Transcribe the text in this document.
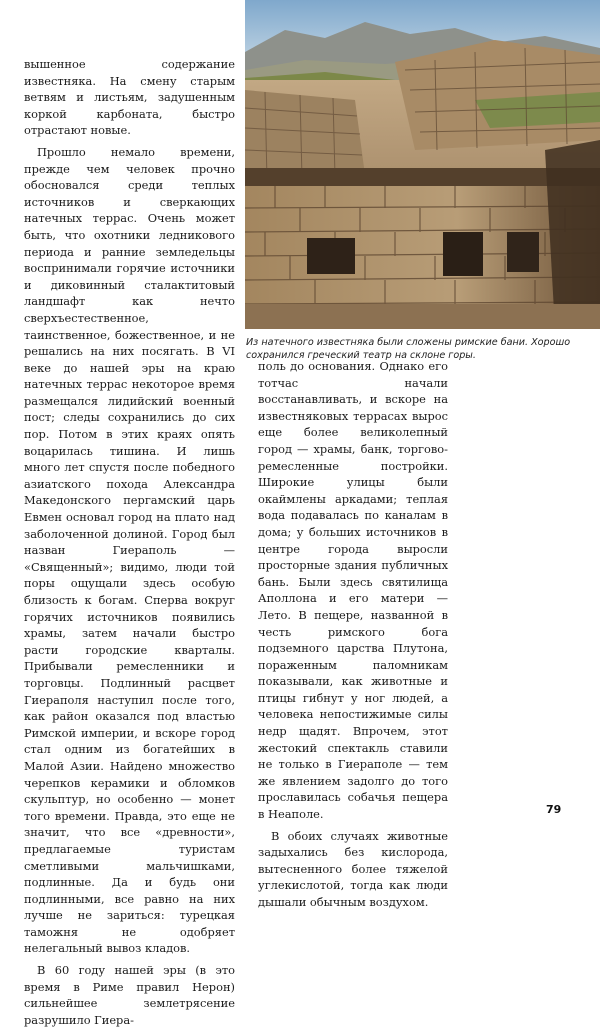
вышенное содержание известняка. На смену старым ветвям и листьям, задушенным коркой карбоната, быстро отрастают новые.

Прошло немало времени, прежде чем человек прочно обосновался среди теплых источников и сверкающих натечных террас. Очень может быть, что охотники ледникового периода и ранние земледельцы воспринимали горячие источники и диковинный сталактитовый ландшафт как нечто сверхъестественное, таинственное, божественное, и не решались на них посягать. В VI веке до нашей эры на краю натечных террас некоторое время размещался лидийский военный пост; следы сохранились до сих пор. Потом в этих краях опять воцарилась тишина. И лишь много лет спустя после победного азиатского похода Александра Македонского пергамский царь Евмен основал город на плато над заболоченной долиной. Город был назван Гиераполь — «Священный»; видимо, люди той поры ощущали здесь особую близость к богам. Сперва вокруг горячих источников появились храмы, затем начали быстро расти городские кварталы. Прибывали ремесленники и торговцы. Подлинный расцвет Гиераполя наступил после того, как район оказался под властью Римской империи, и вскоре город стал одним из богатейших в Малой Азии. Найдено множество черепков керамики и обломков скульптур, но особенно — монет того времени. Правда, это еще не значит, что все «древности», предлагаемые туристам сметливыми мальчишками, подлинные. Да и будь они подлинными, все равно на них лучше не зариться: турецкая таможня не одобряет нелегальный вывоз кладов.

В 60 году нашей эры (в это время в Риме правил Нерон) сильнейшее землетрясение разрушило Гиера-

Из натечного известняка были сложены римские бани. Хорошо сохранился греческий театр на склоне горы.

поль до основания. Однако его тотчас начали восстанавливать, и вскоре на известняковых террасах вырос еще более великолепный город — храмы, банк, торгово-ремесленные постройки. Широкие улицы были окаймлены аркадами; теплая вода подавалась по каналам в дома; у больших источников в центре города выросли просторные здания публичных бань. Были здесь святилища Аполлона и его матери — Лето. В пещере, названной в честь римского бога подземного царства Плутона, пораженным паломникам показывали, как животные и птицы гибнут у ног людей, а человека непостижимые силы недр щадят. Впрочем, этот жестокий спектакль ставили не только в Гиераполе — тем же явлением задолго до того прославилась собачья пещера в Неаполе.

В обоих случаях животные задыхались без кислорода, вытесненного более тяжелой углекислотой, тогда как люди дышали обычным воздухом.

79
